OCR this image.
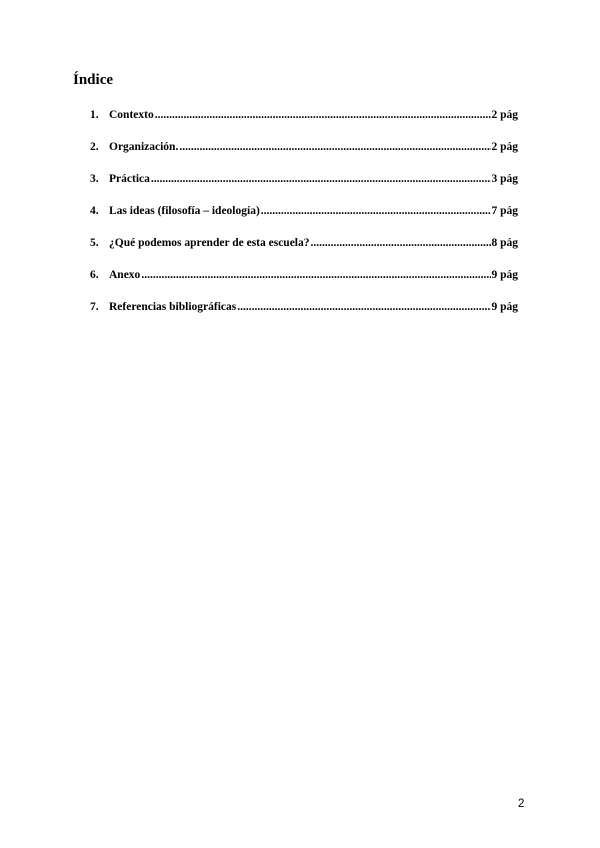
Índice
1. Contexto .....	2 pág
2. Organización. .....	2 pág
3. Práctica .....	3 pág
4. Las ideas (filosofía – ideología) .....	7 pág
5. ¿Qué podemos aprender de esta escuela? .....	8 pág
6. Anexo .....	9 pág
7. Referencias bibliográficas .....	9 pág
2
